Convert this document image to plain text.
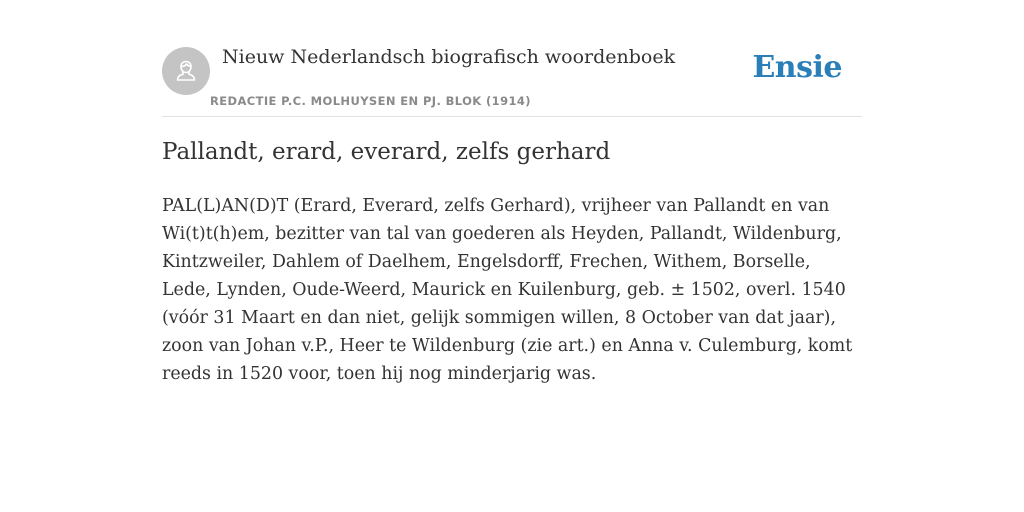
Nieuw Nederlandsch biografisch woordenboek
REDACTIE P.C. MOLHUYSEN EN PJ. BLOK (1914)
Ensie
Pallandt, erard, everard, zelfs gerhard

PAL(L)AN(D)T (Erard, Everard, zelfs Gerhard), vrijheer van Pallandt en van Wi(t)t(h)em, bezitter van tal van goederen als Heyden, Pallandt, Wildenburg, Kintzweiler, Dahlem of Daelhem, Engelsdorff, Frechen, Withem, Borselle, Lede, Lynden, Oude-Weerd, Maurick en Kuilenburg, geb. ± 1502, overl. 1540 (vóór 31 Maart en dan niet, gelijk sommigen willen, 8 October van dat jaar), zoon van Johan v.P., Heer te Wildenburg (zie art.) en Anna v. Culemburg, komt reeds in 1520 voor, toen hij nog minderjarig was.
